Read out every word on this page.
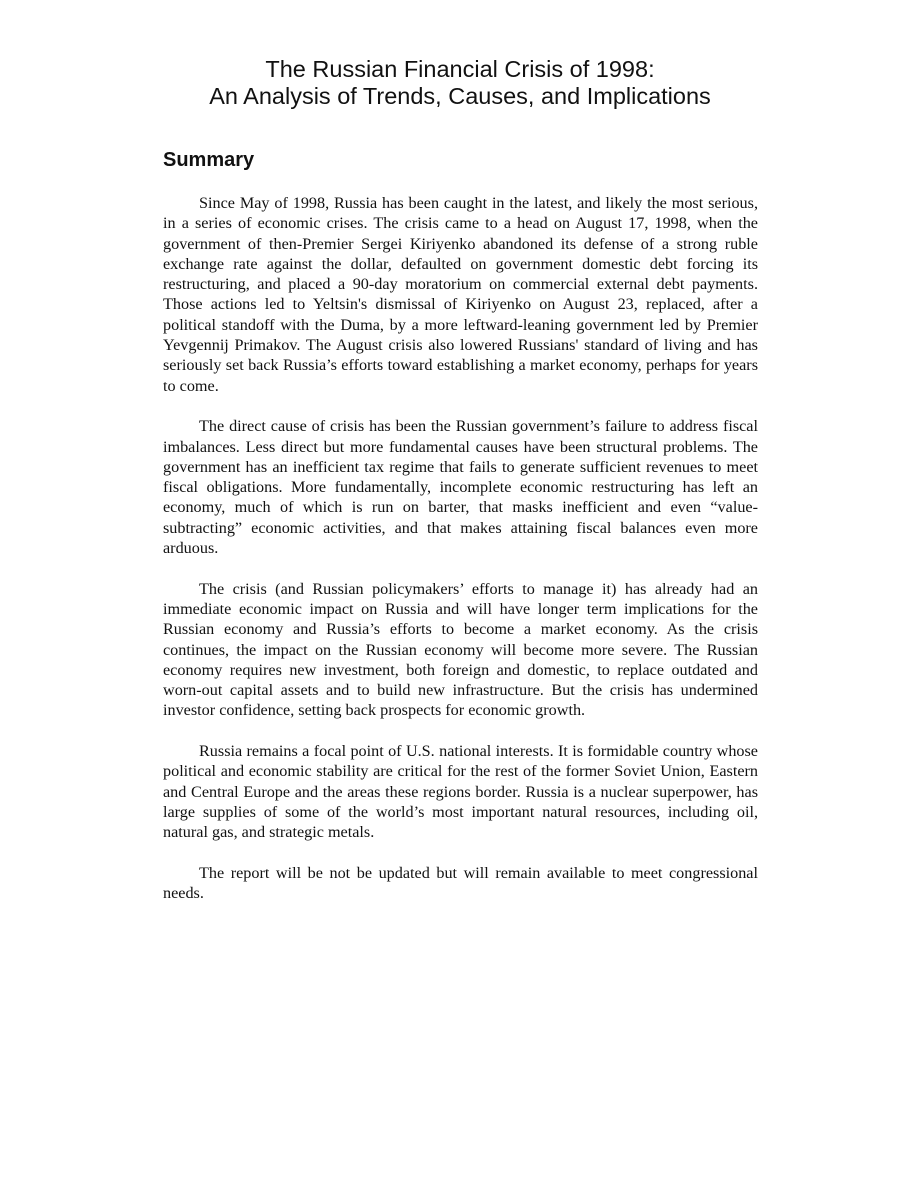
The Russian Financial Crisis of 1998:
An Analysis of Trends, Causes, and Implications
Summary

Since May of 1998, Russia has been caught in the latest, and likely the most serious, in a series of economic crises. The crisis came to a head on August 17, 1998, when the government of then-Premier Sergei Kiriyenko abandoned its defense of a strong ruble exchange rate against the dollar, defaulted on government domestic debt forcing its restructuring, and placed a 90-day moratorium on commercial external debt payments. Those actions led to Yeltsin's dismissal of Kiriyenko on August 23, replaced, after a political standoff with the Duma, by a more leftward-leaning government led by Premier Yevgennij Primakov. The August crisis also lowered Russians' standard of living and has seriously set back Russia’s efforts toward establishing a market economy, perhaps for years to come.

The direct cause of crisis has been the Russian government’s failure to address fiscal imbalances. Less direct but more fundamental causes have been structural problems. The government has an inefficient tax regime that fails to generate sufficient revenues to meet fiscal obligations. More fundamentally, incomplete economic restructuring has left an economy, much of which is run on barter, that masks inefficient and even “value-subtracting” economic activities, and that makes attaining fiscal balances even more arduous.

The crisis (and Russian policymakers’ efforts to manage it) has already had an immediate economic impact on Russia and will have longer term implications for the Russian economy and Russia’s efforts to become a market economy. As the crisis continues, the impact on the Russian economy will become more severe. The Russian economy requires new investment, both foreign and domestic, to replace outdated and worn-out capital assets and to build new infrastructure. But the crisis has undermined investor confidence, setting back prospects for economic growth.

Russia remains a focal point of U.S. national interests. It is formidable country whose political and economic stability are critical for the rest of the former Soviet Union, Eastern and Central Europe and the areas these regions border. Russia is a nuclear superpower, has large supplies of some of the world’s most important natural resources, including oil, natural gas, and strategic metals.

The report will be not be updated but will remain available to meet congressional needs.
